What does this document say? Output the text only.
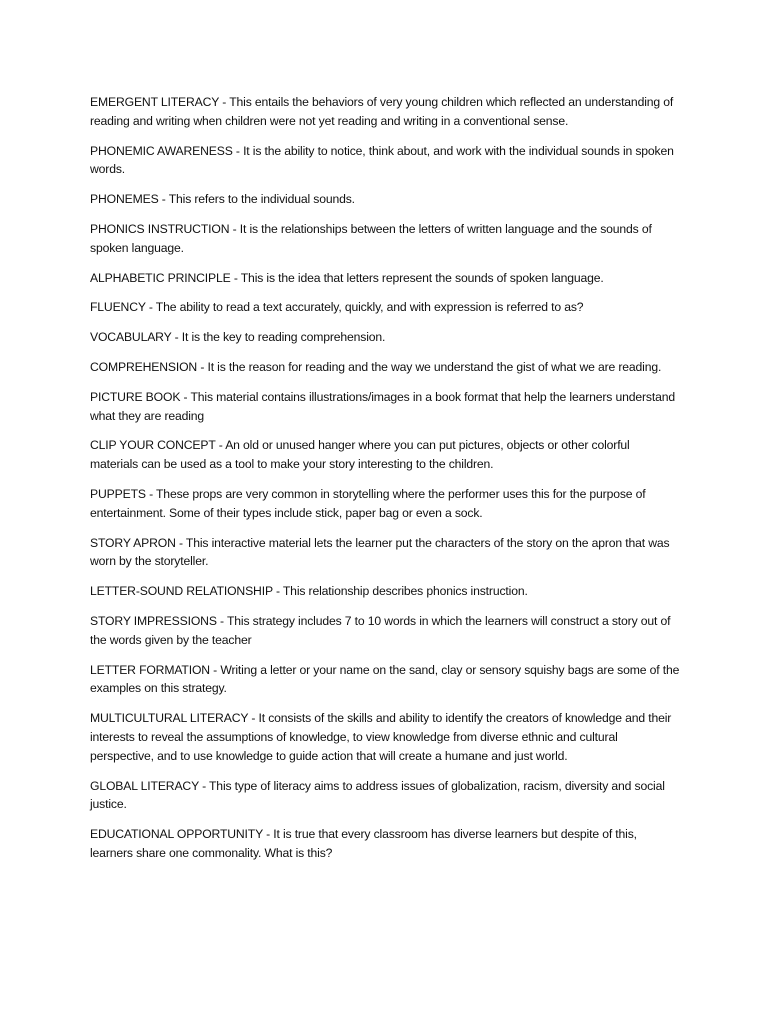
EMERGENT LITERACY - This entails the behaviors of very young children which reflected an understanding of reading and writing when children were not yet reading and writing in a conventional sense.

PHONEMIC AWARENESS - It is the ability to notice, think about, and work with the individual sounds in spoken words.

PHONEMES - This refers to the individual sounds.

PHONICS INSTRUCTION - It is the relationships between the letters of written language and the sounds of spoken language.

ALPHABETIC PRINCIPLE - This is the idea that letters represent the sounds of spoken language.

FLUENCY - The ability to read a text accurately, quickly, and with expression is referred to as?

VOCABULARY - It is the key to reading comprehension.

COMPREHENSION - It is the reason for reading and the way we understand the gist of what we are reading.

PICTURE BOOK - This material contains illustrations/images in a book format that help the learners understand what they are reading

CLIP YOUR CONCEPT - An old or unused hanger where you can put pictures, objects or other colorful materials can be used as a tool to make your story interesting to the children.

PUPPETS - These props are very common in storytelling where the performer uses this for the purpose of entertainment. Some of their types include stick, paper bag or even a sock.

STORY APRON - This interactive material lets the learner put the characters of the story on the apron that was worn by the storyteller.

LETTER-SOUND RELATIONSHIP - This relationship describes phonics instruction.

STORY IMPRESSIONS - This strategy includes 7 to 10 words in which the learners will construct a story out of the words given by the teacher

LETTER FORMATION - Writing a letter or your name on the sand, clay or sensory squishy bags are some of the examples on this strategy.

MULTICULTURAL LITERACY - It consists of the skills and ability to identify the creators of knowledge and their interests to reveal the assumptions of knowledge, to view knowledge from diverse ethnic and cultural perspective, and to use knowledge to guide action that will create a humane and just world.

GLOBAL LITERACY - This type of literacy aims to address issues of globalization, racism, diversity and social justice.

EDUCATIONAL OPPORTUNITY - It is true that every classroom has diverse learners but despite of this, learners share one commonality. What is this?
